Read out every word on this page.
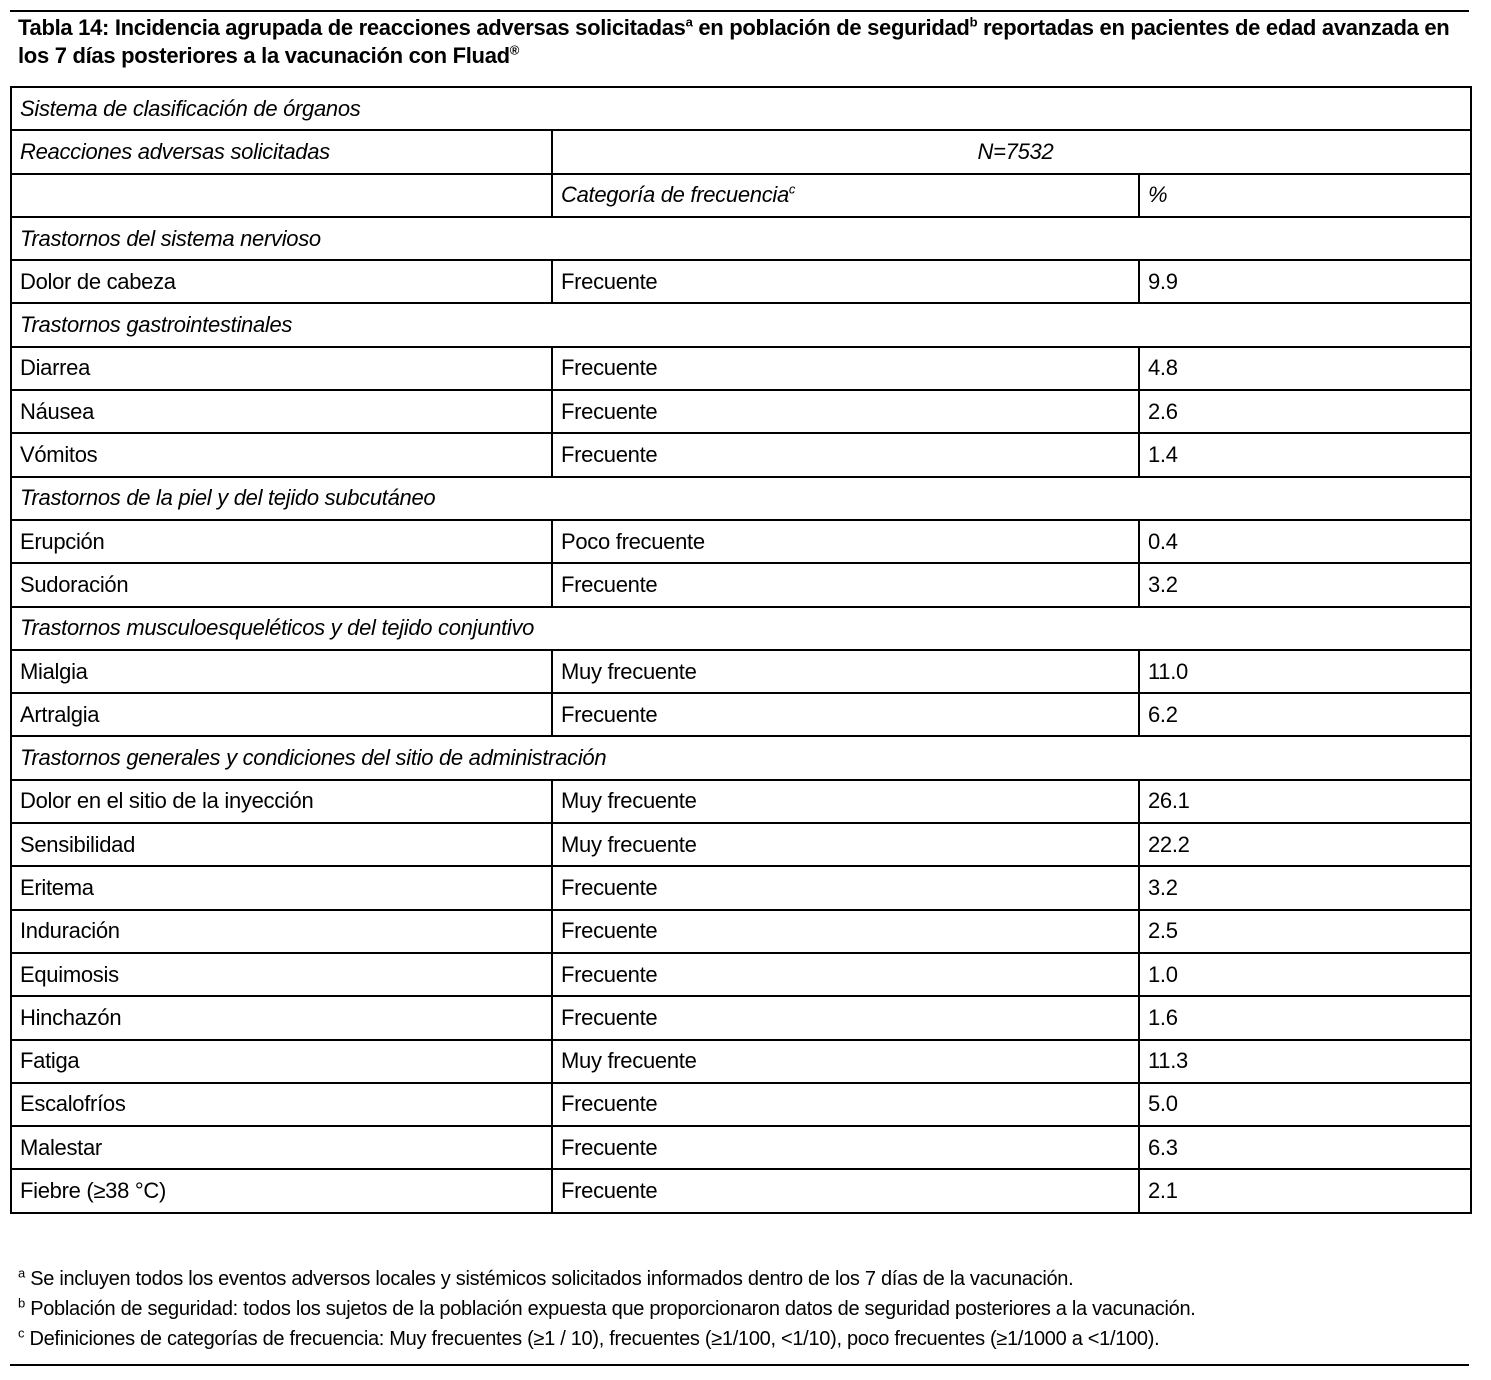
Tabla 14: Incidencia agrupada de reacciones adversas solicitadas$^a$ en población de seguridad$^b$ reportadas en pacientes de edad avanzada en los 7 días posteriores a la vacunación con Fluad®
Sistema de clasificación de órganos		
Reacciones adversas solicitadas	N=7532	
	Categoría de frecuencia$^c$	%
Trastornos del sistema nervioso		
Dolor de cabeza	Frecuente	9.9
Trastornos gastrointestinales		
Diarrea	Frecuente	4.8
Náusea	Frecuente	2.6
Vómitos	Frecuente	1.4
Trastornos de la piel y del tejido subcutáneo		
Erupción	Poco frecuente	0.4
Sudoración	Frecuente	3.2
Trastornos musculoesqueléticos y del tejido conjuntivo		
Mialgia	Muy frecuente	11.0
Artralgia	Frecuente	6.2
Trastornos generales y condiciones del sitio de administración		
Dolor en el sitio de la inyección	Muy frecuente	26.1
Sensibilidad	Muy frecuente	22.2
Eritema	Frecuente	3.2
Induración	Frecuente	2.5
Equimosis	Frecuente	1.0
Hinchazón	Frecuente	1.6
Fatiga	Muy frecuente	11.3
Escalofríos	Frecuente	5.0
Malestar	Frecuente	6.3
Fiebre (≥38 °C)	Frecuente	2.1
$^a$ Se incluyen todos los eventos adversos locales y sistémicos solicitados informados dentro de los 7 días de la vacunación.
$^b$ Población de seguridad: todos los sujetos de la población expuesta que proporcionaron datos de seguridad posteriores a la vacunación.
$^c$ Definiciones de categorías de frecuencia: Muy frecuentes (≥1 / 10), frecuentes (≥1/100, <1/10), poco frecuentes (≥1/1000 a <1/100).
